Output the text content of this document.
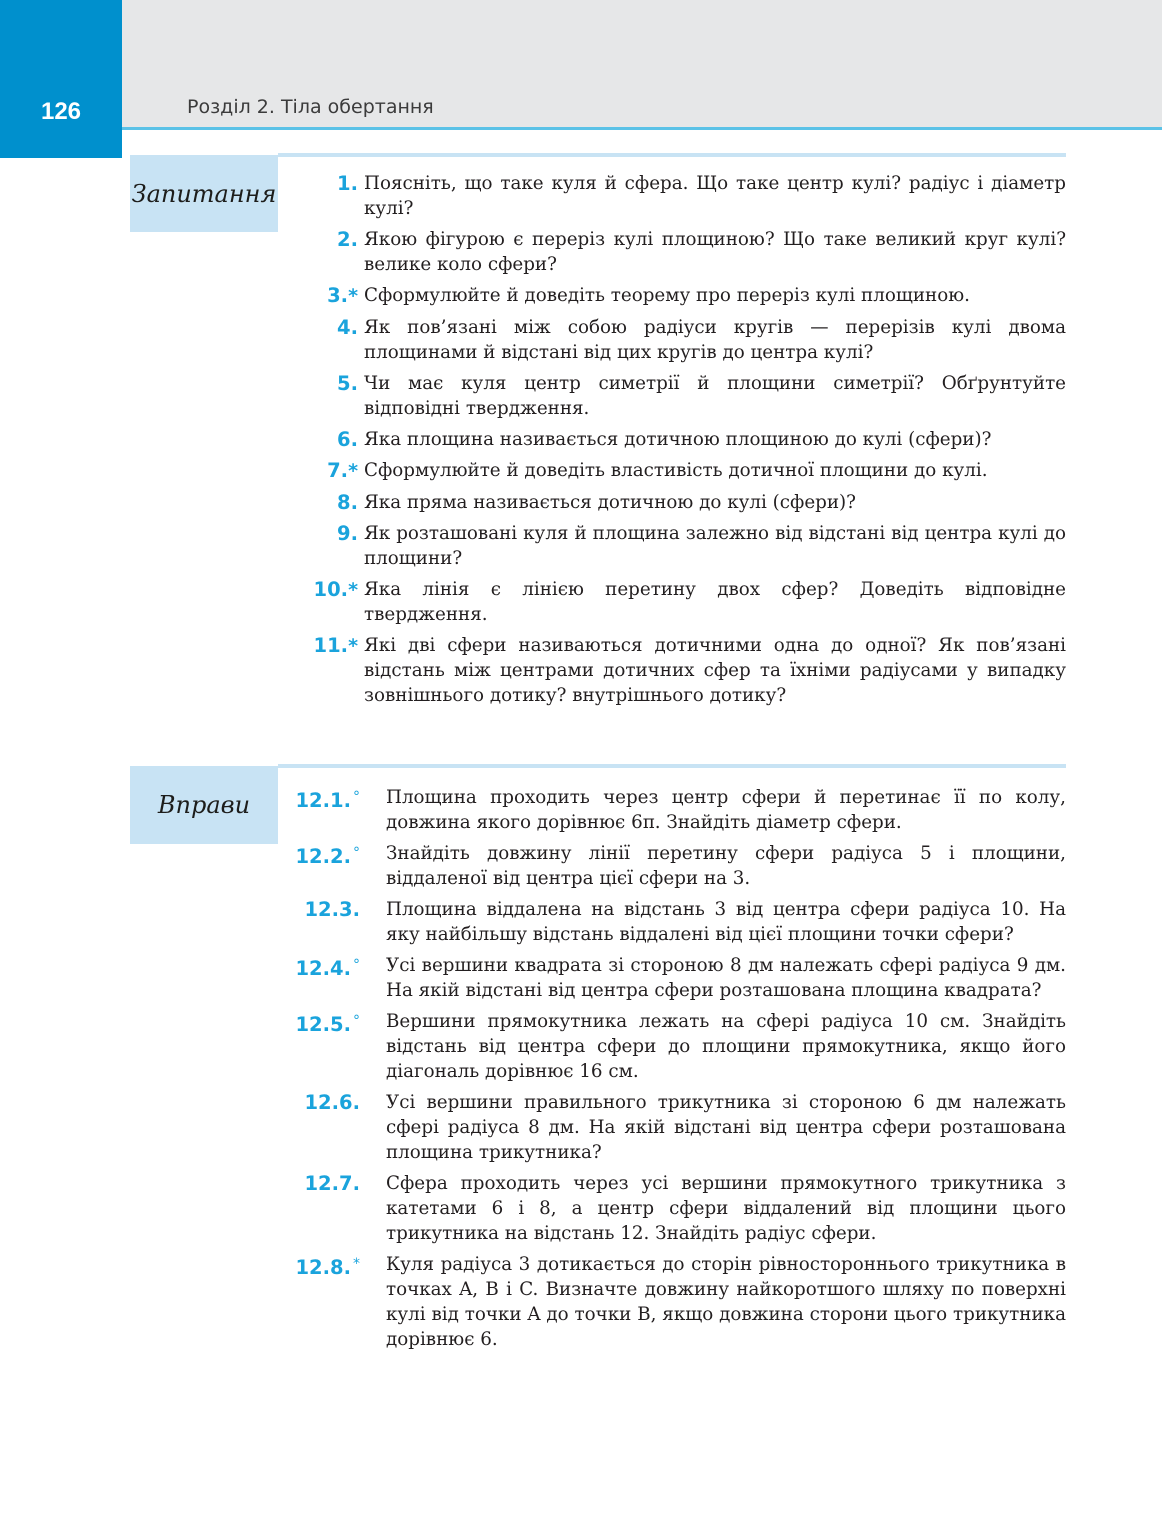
126	Розділ 2. Тіла обертання
Запитання	1. Поясніть, що таке куля й сфера. Що таке центр кулі? радіус і діаметр кулі?
2. Якою фігурою є переріз кулі площиною? Що таке великий круг кулі? велике коло сфери?
3.* Сформулюйте й доведіть теорему про переріз кулі площиною.
4. Як пов’язані між собою радіуси кругів — перерізів кулі двома площинами й відстані від цих кругів до центра кулі?
5. Чи має куля центр симетрії й площини симетрії? Обґрунтуйте відповідні твердження.
6. Яка площина називається дотичною площиною до кулі (сфери)?
7.* Сформулюйте й доведіть властивість дотичної площини до кулі.
8. Яка пряма називається дотичною до кулі (сфери)?
9. Як розташовані куля й площина залежно від відстані від центра кулі до площини?
10.* Яка лінія є лінією перетину двох сфер? Доведіть відповідне твердження.
11.* Які дві сфери називаються дотичними одна до одної? Як пов’язані відстань між центрами дотичних сфер та їхніми радіусами у випадку зовнішнього дотику? внутрішнього дотику?
Вправи	12.1. °	Площина проходить через центр сфери й перетинає її по колу, довжина якого дорівнює 6π. Знайдіть діаметр сфери.
12.2. °	Знайдіть довжину лінії перетину сфери радіуса 5 і площини, віддаленої від центра цієї сфери на 3.
12.3.	Площина віддалена на відстань 3 від центра сфери радіуса 10. На яку найбільшу відстань віддалені від цієї площини точки сфери?
12.4. °	Усі вершини квадрата зі стороною 8 дм належать сфері радіуса 9 дм. На якій відстані від центра сфери розташована площина квадрата?
12.5. °	Вершини прямокутника лежать на сфері радіуса 10 см. Знайдіть відстань від центра сфери до площини прямокутника, якщо його діагональ дорівнює 16 см.
12.6.	Усі вершини правильного трикутника зі стороною 6 дм належать сфері радіуса 8 дм. На якій відстані від центра сфери розташована площина трикутника?
12.7.	Сфера проходить через усі вершини прямокутного трикутника з катетами 6 і 8, а центр сфери віддалений від площини цього трикутника на відстань 12. Знайдіть радіус сфери.
12.8. *	Куля радіуса 3 дотикається до сторін рівностороннього трикутника в точках A, B і C. Визначте довжину найкоротшого шляху по поверхні кулі від точки A до точки B, якщо довжина сторони цього трикутника дорівнює 6.
